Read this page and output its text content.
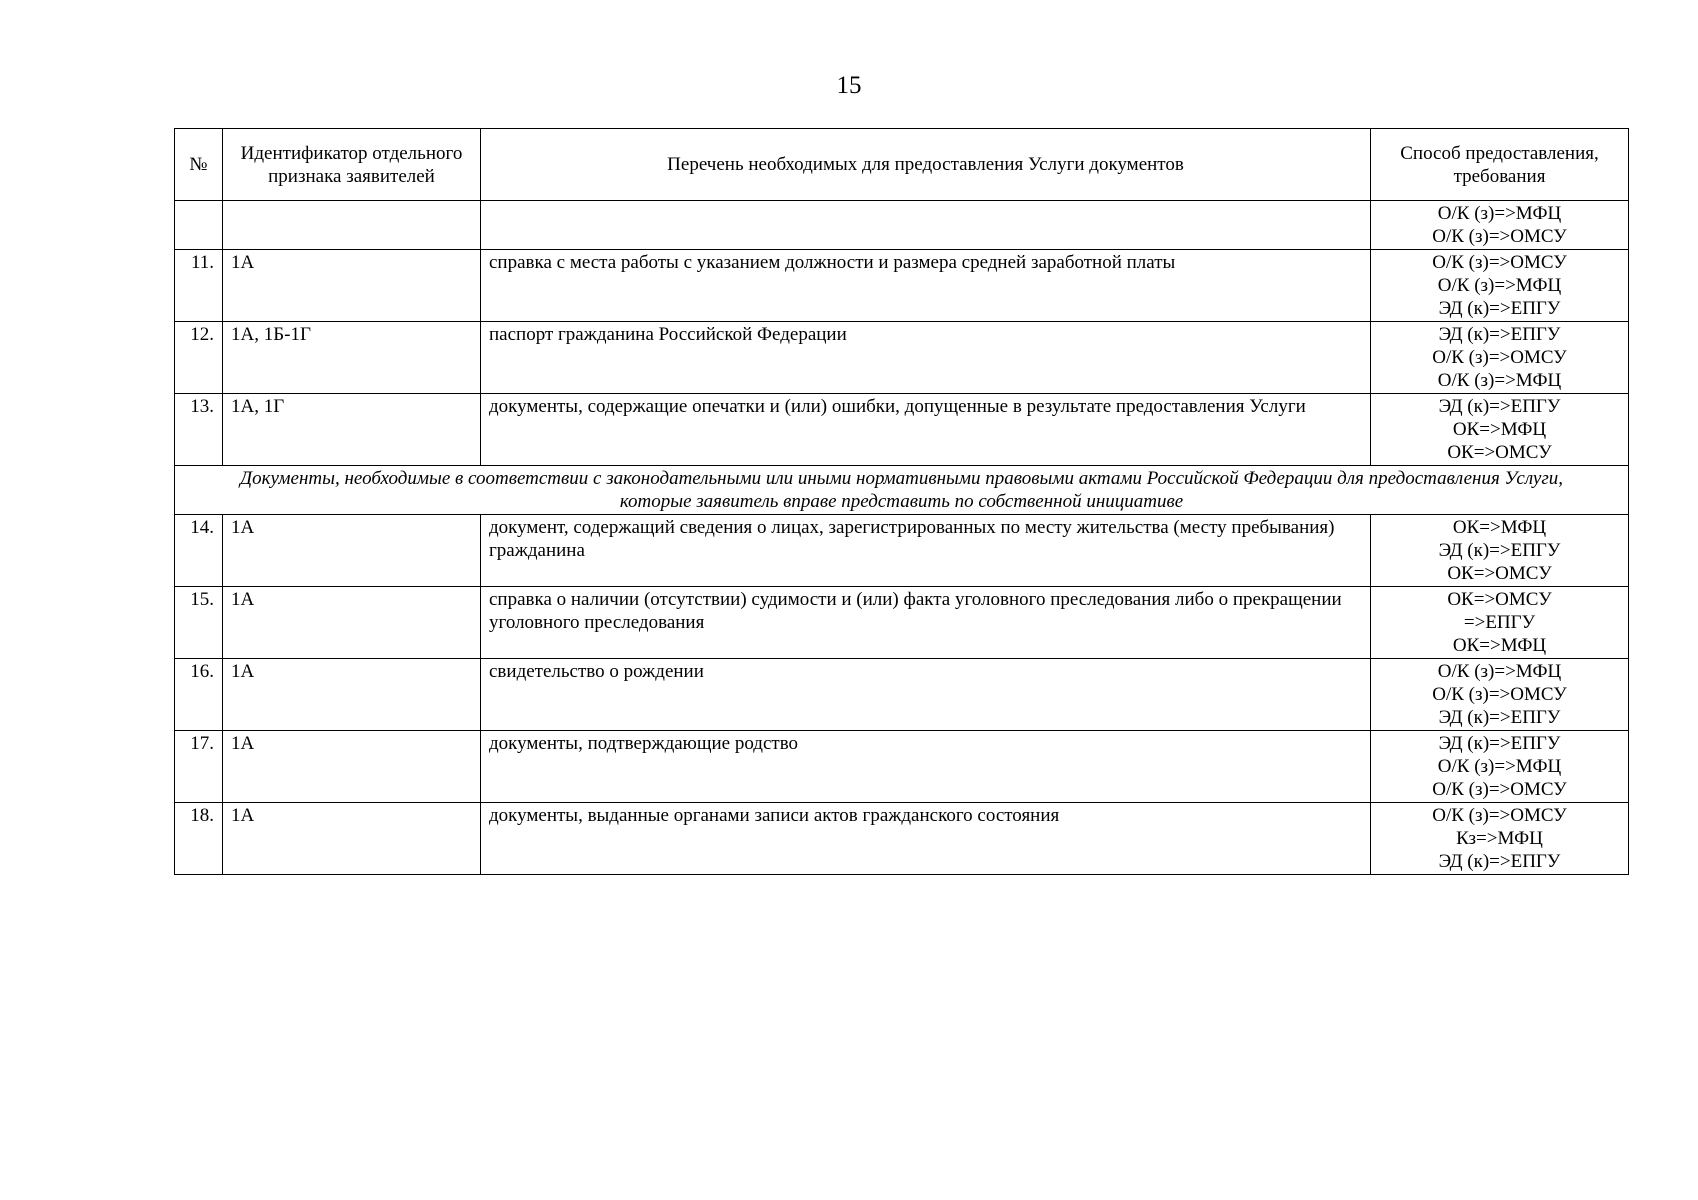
15
№	Идентификатор отдельного признака заявителей	Перечень необходимых для предоставления Услуги документов	Способ предоставления, требования

			О/К (з)=>МФЦ
О/К (з)=>ОМСУ

11.	1А	справка с места работы с указанием должности и размера средней заработной платы	О/К (з)=>ОМСУ
О/К (з)=>МФЦ
ЭД (к)=>ЕПГУ

12.	1А, 1Б-1Г	паспорт гражданина Российской Федерации	ЭД (к)=>ЕПГУ
О/К (з)=>ОМСУ
О/К (з)=>МФЦ

13.	1А, 1Г	документы, содержащие опечатки и (или) ошибки, допущенные в результате предоставления Услуги	ЭД (к)=>ЕПГУ
ОК=>МФЦ
ОК=>ОМСУ

Документы, необходимые в соответствии с законодательными или иными нормативными правовыми актами Российской Федерации для предоставления Услуги,
которые заявитель вправе представить по собственной инициативе			

14.	1А	документ, содержащий сведения о лицах, зарегистрированных по месту жительства (месту пребывания) гражданина	ОК=>МФЦ
ЭД (к)=>ЕПГУ
ОК=>ОМСУ

15.	1А	справка о наличии (отсутствии) судимости и (или) факта уголовного преследования либо о прекращении уголовного преследования	ОК=>ОМСУ
=>ЕПГУ
ОК=>МФЦ

16.	1А	свидетельство о рождении	О/К (з)=>МФЦ
О/К (з)=>ОМСУ
ЭД (к)=>ЕПГУ

17.	1А	документы, подтверждающие родство	ЭД (к)=>ЕПГУ
О/К (з)=>МФЦ
О/К (з)=>ОМСУ

18.	1А	документы, выданные органами записи актов гражданского состояния	О/К (з)=>ОМСУ
Кз=>МФЦ
ЭД (к)=>ЕПГУ
